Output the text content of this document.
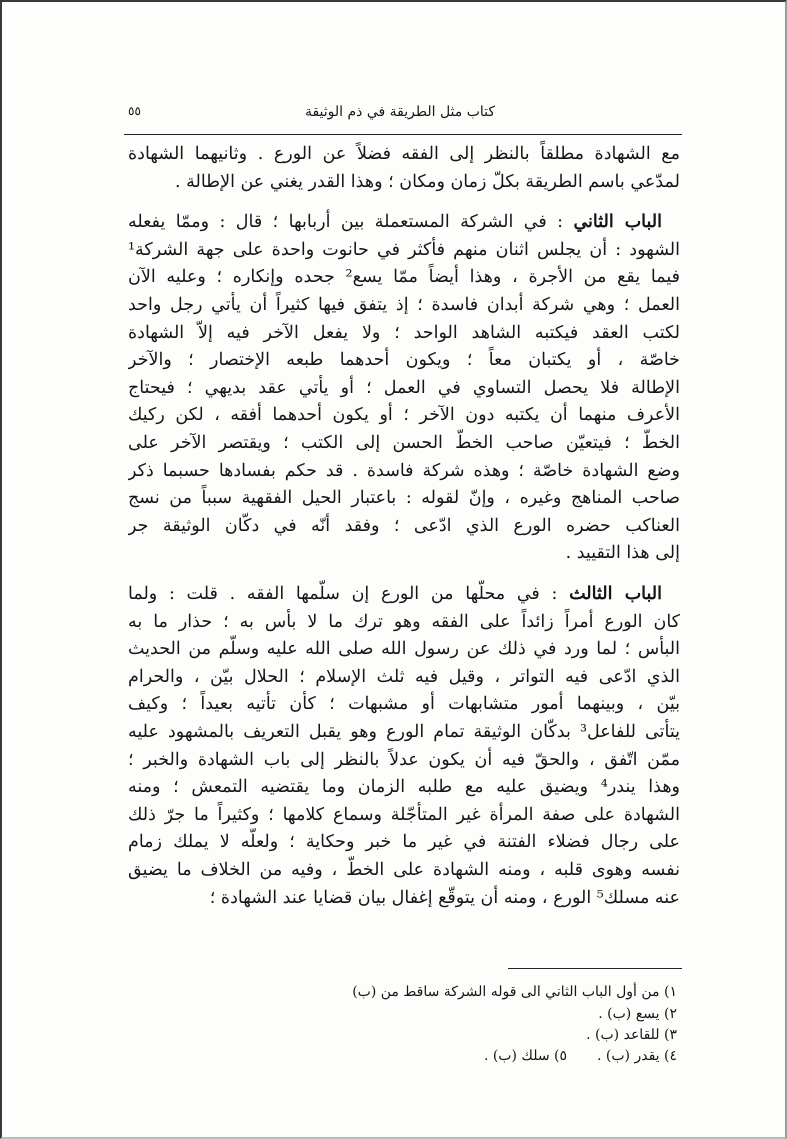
كتاب مثل الطريقة في ذم الوثيقة
٥٥
مع الشهادة مطلقاً بالنظر إلى الفقه فضلاً عن الورع . وثانيهما الشهادة
لمدّعي باسم الطريقة بكلّ زمان ومكان ؛ وهذا القدر يغني عن الإطالة .
الباب الثاني : في الشركة المستعملة بين أربابها ؛ قال : وممّا يفعله
الشهود : أن يجلس اثنان منهم فأكثر في حانوت واحدة على جهة الشركة¹
فيما يقع من الأجرة ، وهذا أيضاً ممّا يسع² جحده وإنكاره ؛ وعليه الآن
العمل ؛ وهي شركة أبدان فاسدة ؛ إذ يتفق فيها كثيراً أن يأتي رجل واحد
لكتب العقد فيكتبه الشاهد الواحد ؛ ولا يفعل الآخر فيه إلاّ الشهادة
خاصّة ، أو يكتبان معاً ؛ ويكون أحدهما طبعه الإختصار ؛ والآخر
الإطالة فلا يحصل التساوي في العمل ؛ أو يأتي عقد بديهي ؛ فيحتاج
الأعرف منهما أن يكتبه دون الآخر ؛ أو يكون أحدهما أفقه ، لكن ركيك
الخطّ ؛ فيتعيّن صاحب الخطّ الحسن إلى الكتب ؛ ويقتصر الآخر على
وضع الشهادة خاصّة ؛ وهذه شركة فاسدة . قد حكم بفسادها حسبما ذكر
صاحب المناهج وغيره ، وإنّ لقوله : باعتبار الحيل الفقهية سبباً من نسج
العناكب حضره الورع الذي ادّعى ؛ وفقد أنّه في دكّان الوثيقة جر
إلى هذا التقييد .
الباب الثالث : في محلّها من الورع إن سلّمها الفقه . قلت : ولما
كان الورع أمراً زائداً على الفقه وهو ترك ما لا بأس به ؛ حذار ما به
البأس ؛ لما ورد في ذلك عن رسول الله صلى الله عليه وسلّم من الحديث
الذي ادّعى فيه التواتر ، وقيل فيه ثلث الإسلام ؛ الحلال بيّن ، والحرام
بيّن ، وبينهما أمور متشابهات أو مشبهات ؛ كأن تأتيه بعيداً ؛ وكيف
يتأتى للفاعل³ بدكّان الوثيقة تمام الورع وهو يقبل التعريف بالمشهود عليه
ممّن اتّفق ، والحقّ فيه أن يكون عدلاً بالنظر إلى باب الشهادة والخبر ؛
وهذا يندر⁴ ويضيق عليه مع طلبه الزمان وما يقتضيه التمعش ؛ ومنه
الشهادة على صفة المرأة غير المتأجّلة وسماع كلامها ؛ وكثيراً ما جرّ ذلك
على رجال فضلاء الفتنة في غير ما خبر وحكاية ؛ ولعلّه لا يملك زمام
نفسه وهوى قلبه ، ومنه الشهادة على الخطّ ، وفيه من الخلاف ما يضيق
عنه مسلك⁵ الورع ، ومنه أن يتوقّع إغفال بيان قضايا عند الشهادة ؛
١) من أول الباب الثاني الى قوله الشركة ساقط من (ب)
٢) يسع (ب) .
٣) للقاعد (ب) .
٤) يقدر (ب) .
٥) سلك (ب) .
